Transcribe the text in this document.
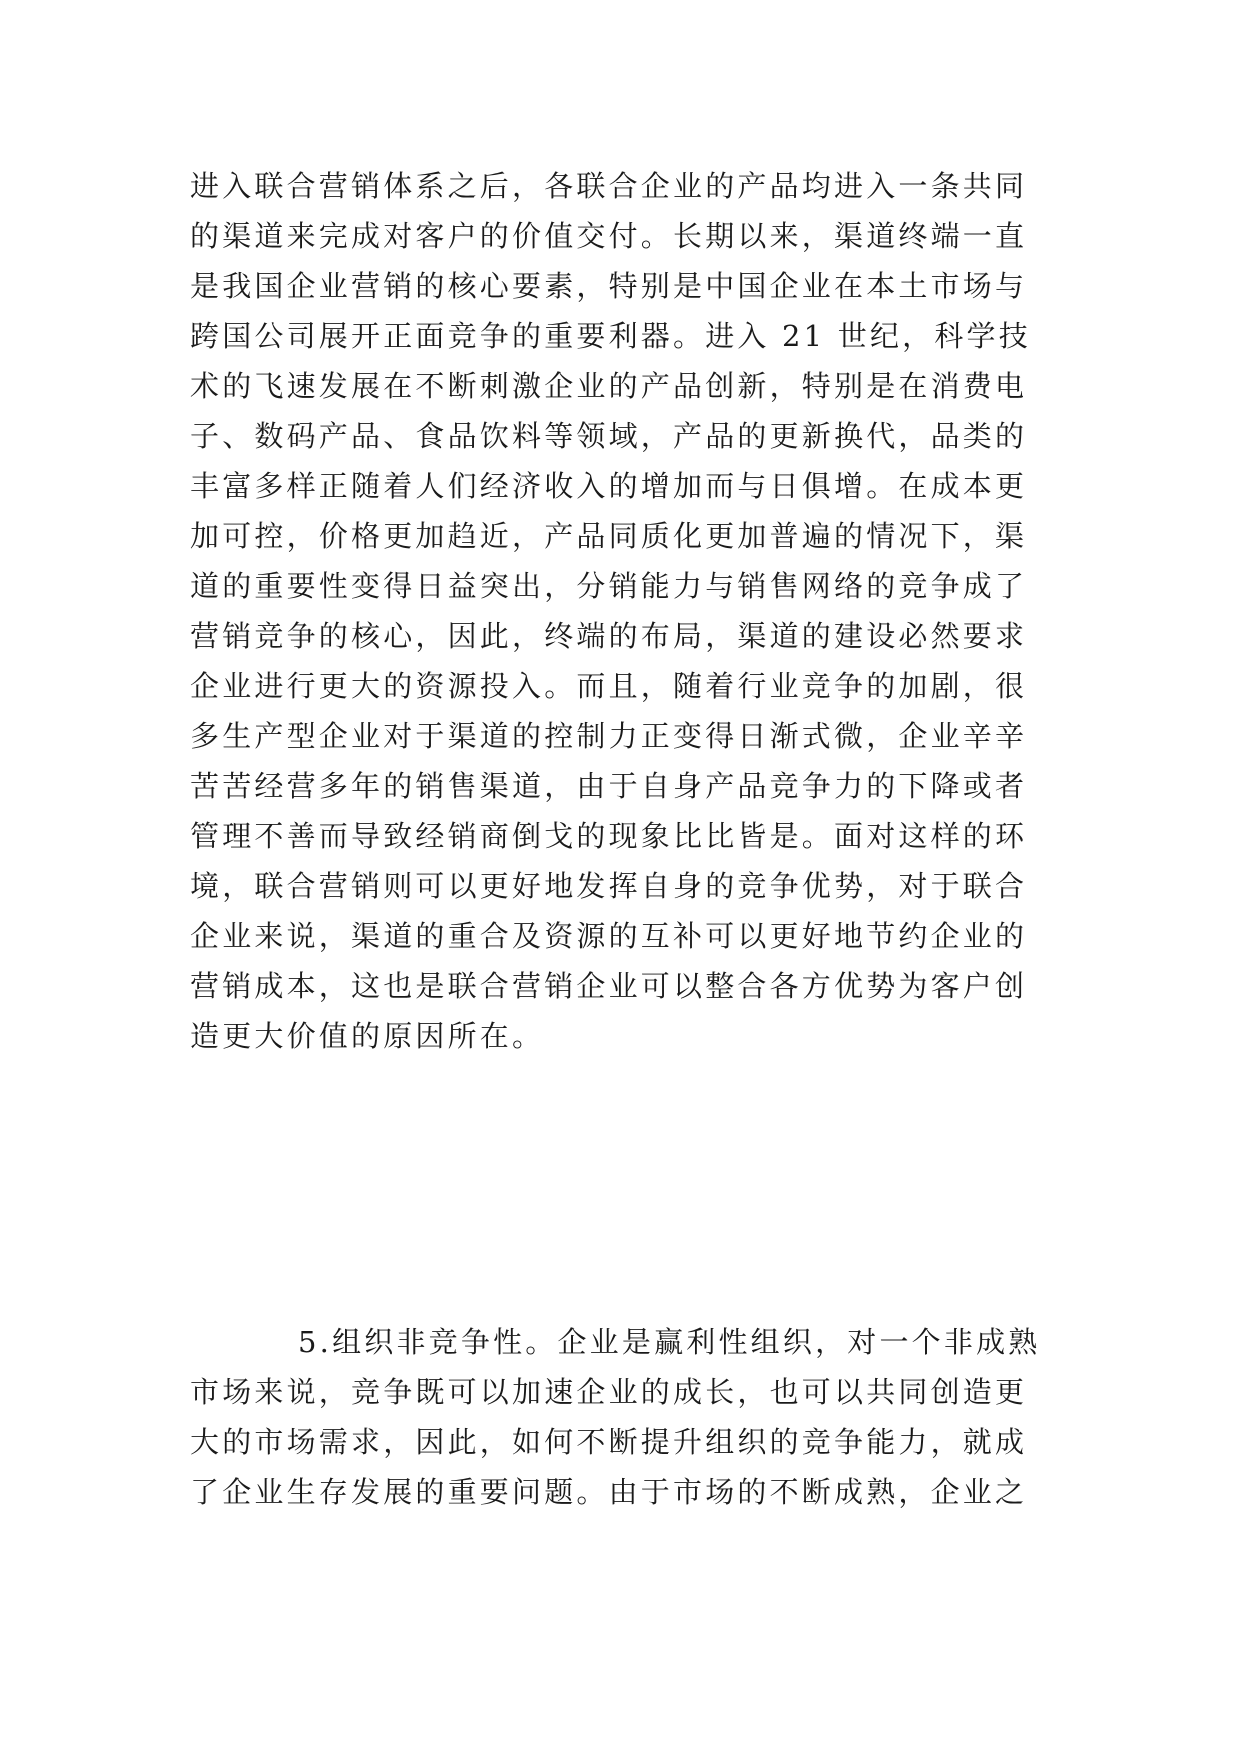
进入联合营销体系之后，各联合企业的产品均进入一条共同
的渠道来完成对客户的价值交付。长期以来，渠道终端一直
是我国企业营销的核心要素，特别是中国企业在本土市场与
跨国公司展开正面竞争的重要利器。进入 21 世纪，科学技
术的飞速发展在不断刺激企业的产品创新，特别是在消费电
子、数码产品、食品饮料等领域，产品的更新换代，品类的
丰富多样正随着人们经济收入的增加而与日俱增。在成本更
加可控，价格更加趋近，产品同质化更加普遍的情况下，渠
道的重要性变得日益突出，分销能力与销售网络的竞争成了
营销竞争的核心，因此，终端的布局，渠道的建设必然要求
企业进行更大的资源投入。而且，随着行业竞争的加剧，很
多生产型企业对于渠道的控制力正变得日渐式微，企业辛辛
苦苦经营多年的销售渠道，由于自身产品竞争力的下降或者
管理不善而导致经销商倒戈的现象比比皆是。面对这样的环
境，联合营销则可以更好地发挥自身的竞争优势，对于联合
企业来说，渠道的重合及资源的互补可以更好地节约企业的
营销成本，这也是联合营销企业可以整合各方优势为客户创
造更大价值的原因所在。
5.组织非竞争性。企业是赢利性组织，对一个非成熟
市场来说，竞争既可以加速企业的成长，也可以共同创造更
大的市场需求，因此，如何不断提升组织的竞争能力，就成
了企业生存发展的重要问题。由于市场的不断成熟，企业之
